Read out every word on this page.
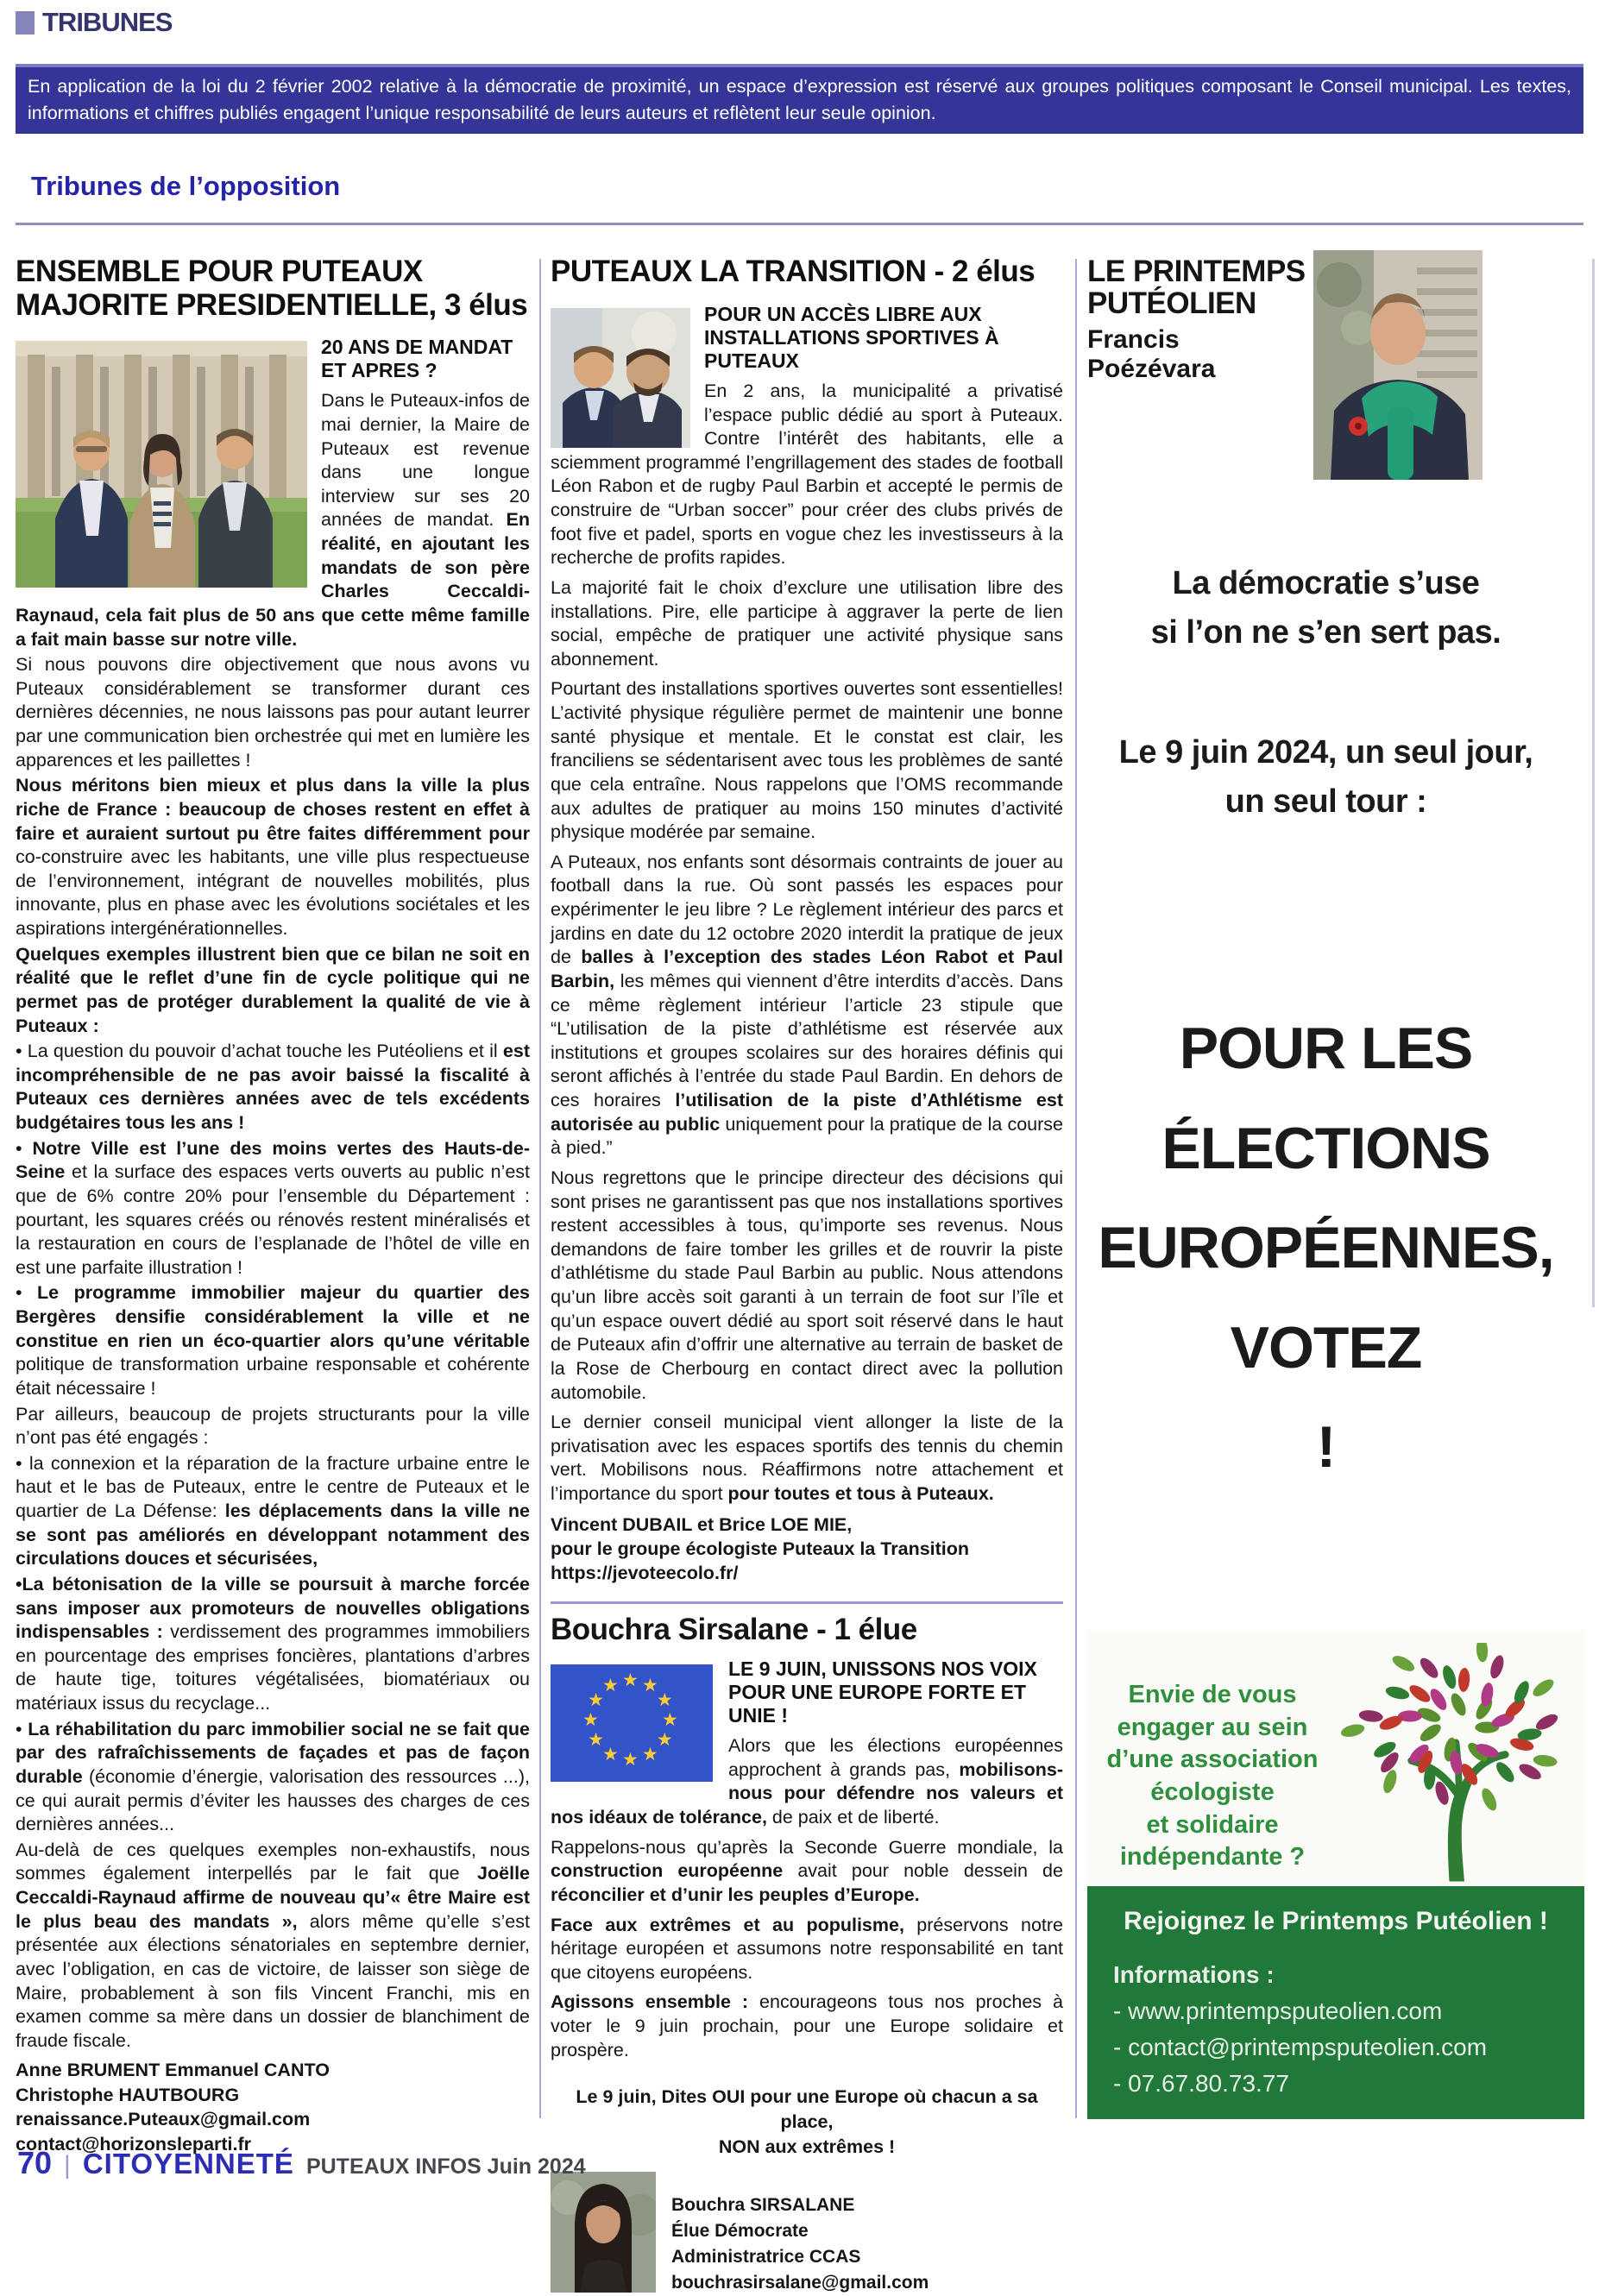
TRIBUNES
En application de la loi du 2 février 2002 relative à la démocratie de proximité, un espace d’expression est réservé aux groupes politiques composant le Conseil municipal. Les textes, informations et chiffres publiés engagent l’unique responsabilité de leurs auteurs et reflètent leur seule opinion.
Tribunes de l’opposition
ENSEMBLE POUR PUTEAUX
MAJORITE PRESIDENTIELLE, 3 élus
20 ANS DE MANDAT ET APRES ?

Dans le Puteaux-infos de mai dernier, la Maire de Puteaux est revenue dans une longue interview sur ses 20 années de mandat. En réalité, en ajoutant les mandats de son père Charles Ceccaldi-Raynaud, cela fait plus de 50 ans que cette même famille a fait main basse sur notre ville.

Si nous pouvons dire objectivement que nous avons vu Puteaux considérablement se transformer durant ces dernières décennies, ne nous laissons pas pour autant leurrer par une communication bien orchestrée qui met en lumière les apparences et les paillettes !

Nous méritons bien mieux et plus dans la ville la plus riche de France : beaucoup de choses restent en effet à faire et auraient surtout pu être faites différemment pour co-construire avec les habitants, une ville plus respectueuse de l’environnement, intégrant de nouvelles mobilités, plus innovante, plus en phase avec les évolutions sociétales et les aspirations intergénérationnelles.

Quelques exemples illustrent bien que ce bilan ne soit en réalité que le reflet d’une fin de cycle politique qui ne permet pas de protéger durablement la qualité de vie à Puteaux :

• La question du pouvoir d’achat touche les Putéoliens et il est incompréhensible de ne pas avoir baissé la fiscalité à Puteaux ces dernières années avec de tels excédents budgétaires tous les ans !

• Notre Ville est l’une des moins vertes des Hauts-de-Seine et la surface des espaces verts ouverts au public n’est que de 6% contre 20% pour l’ensemble du Département : pourtant, les squares créés ou rénovés restent minéralisés et la restauration en cours de l’esplanade de l’hôtel de ville en est une parfaite illustration !

• Le programme immobilier majeur du quartier des Bergères densifie considérablement la ville et ne constitue en rien un éco-quartier alors qu’une véritable politique de transformation urbaine responsable et cohérente était nécessaire !

Par ailleurs, beaucoup de projets structurants pour la ville n’ont pas été engagés :

• la connexion et la réparation de la fracture urbaine entre le haut et le bas de Puteaux, entre le centre de Puteaux et le quartier de La Défense: les déplacements dans la ville ne se sont pas améliorés en développant notamment des circulations douces et sécurisées,

•La bétonisation de la ville se poursuit à marche forcée sans imposer aux promoteurs de nouvelles obligations indispensables : verdissement des programmes immobiliers en pourcentage des emprises foncières, plantations d’arbres de haute tige, toitures végétalisées, biomatériaux ou matériaux issus du recyclage...

• La réhabilitation du parc immobilier social ne se fait que par des rafraîchissements de façades et pas de façon durable (économie d’énergie, valorisation des ressources ...), ce qui aurait permis d’éviter les hausses des charges de ces dernières années...

Au-delà de ces quelques exemples non-exhaustifs, nous sommes également interpellés par le fait que Joëlle Ceccaldi-Raynaud affirme de nouveau qu’« être Maire est le plus beau des mandats », alors même qu’elle s’est présentée aux élections sénatoriales en septembre dernier, avec l’obligation, en cas de victoire, de laisser son siège de Maire, probablement à son fils Vincent Franchi, mis en examen comme sa mère dans un dossier de blanchiment de fraude fiscale.

Anne BRUMENT Emmanuel CANTO
Christophe HAUTBOURG
renaissance.Puteaux@gmail.com
contact@horizonsleparti.fr
PUTEAUX LA TRANSITION - 2 élus
POUR UN ACCÈS LIBRE AUX INSTALLATIONS SPORTIVES À PUTEAUX

En 2 ans, la municipalité a privatisé l’espace public dédié au sport à Puteaux. Contre l’intérêt des habitants, elle a sciemment programmé l’engrillagement des stades de football Léon Rabon et de rugby Paul Barbin et accepté le permis de construire de “Urban soccer” pour créer des clubs privés de foot five et padel, sports en vogue chez les investisseurs à la recherche de profits rapides.

La majorité fait le choix d’exclure une utilisation libre des installations. Pire, elle participe à aggraver la perte de lien social, empêche de pratiquer une activité physique sans abonnement.

Pourtant des installations sportives ouvertes sont essentielles! L’activité physique régulière permet de maintenir une bonne santé physique et mentale. Et le constat est clair, les franciliens se sédentarisent avec tous les problèmes de santé que cela entraîne. Nous rappelons que l’OMS recommande aux adultes de pratiquer au moins 150 minutes d’activité physique modérée par semaine.

A Puteaux, nos enfants sont désormais contraints de jouer au football dans la rue. Où sont passés les espaces pour expérimenter le jeu libre ? Le règlement intérieur des parcs et jardins en date du 12 octobre 2020 interdit la pratique de jeux de balles à l’exception des stades Léon Rabot et Paul Barbin, les mêmes qui viennent d’être interdits d’accès. Dans ce même règlement intérieur l’article 23 stipule que “L’utilisation de la piste d’athlétisme est réservée aux institutions et groupes scolaires sur des horaires définis qui seront affichés à l’entrée du stade Paul Bardin. En dehors de ces horaires l’utilisation de la piste d’Athlétisme est autorisée au public uniquement pour la pratique de la course à pied.”

Nous regrettons que le principe directeur des décisions qui sont prises ne garantissent pas que nos installations sportives restent accessibles à tous, qu’importe ses revenus. Nous demandons de faire tomber les grilles et de rouvrir la piste d’athlétisme du stade Paul Barbin au public. Nous attendons qu’un libre accès soit garanti à un terrain de foot sur l’île et qu’un espace ouvert dédié au sport soit réservé dans le haut de Puteaux afin d’offrir une alternative au terrain de basket de la Rose de Cherbourg en contact direct avec la pollution automobile.

Le dernier conseil municipal vient allonger la liste de la privatisation avec les espaces sportifs des tennis du chemin vert. Mobilisons nous. Réaffirmons notre attachement et l’importance du sport pour toutes et tous à Puteaux.

Vincent DUBAIL et Brice LOE MIE,
pour le groupe écologiste Puteaux la Transition
https://jevoteecolo.fr/
Bouchra Sirsalane - 1 élue
★ ★
★
★
★
★
★
★
★
★
★
★
LE 9 JUIN, UNISSONS NOS VOIX POUR UNE EUROPE FORTE ET UNIE !

Alors que les élections européennes approchent à grands pas, mobilisons-nous pour défendre nos valeurs et nos idéaux de tolérance, de paix et de liberté.

Rappelons-nous qu’après la Seconde Guerre mondiale, la construction européenne avait pour noble dessein de réconcilier et d’unir les peuples d’Europe.

Face aux extrêmes et au populisme, préservons notre héritage européen et assumons notre responsabilité en tant que citoyens européens.

Agissons ensemble : encourageons tous nos proches à voter le 9 juin prochain, pour une Europe solidaire et prospère.

Le 9 juin, Dites OUI pour une Europe où chacun a sa place,
NON aux extrêmes !
Bouchra SIRSALANE
Élue Démocrate
Administratrice CCAS
bouchrasirsalane@gmail.com
LE PRINTEMPS
PUTÉOLIEN

Francis Poézévara

La démocratie s’use
si l’on ne s’en sert pas.
Le 9 juin 2024, un seul jour,
un seul tour :
POUR LES
ÉLECTIONS
EUROPÉENNES,
VOTEZ
!
Envie de vous
engager au sein
d’une association
écologiste
et solidaire
indépendante ?
Rejoignez le Printemps Putéolien !
Informations :
- www.printempsputeolien.com
- contact@printempsputeolien.com
- 07.67.80.73.77
70 | CITOYENNETÉ PUTEAUX INFOS Juin 2024
